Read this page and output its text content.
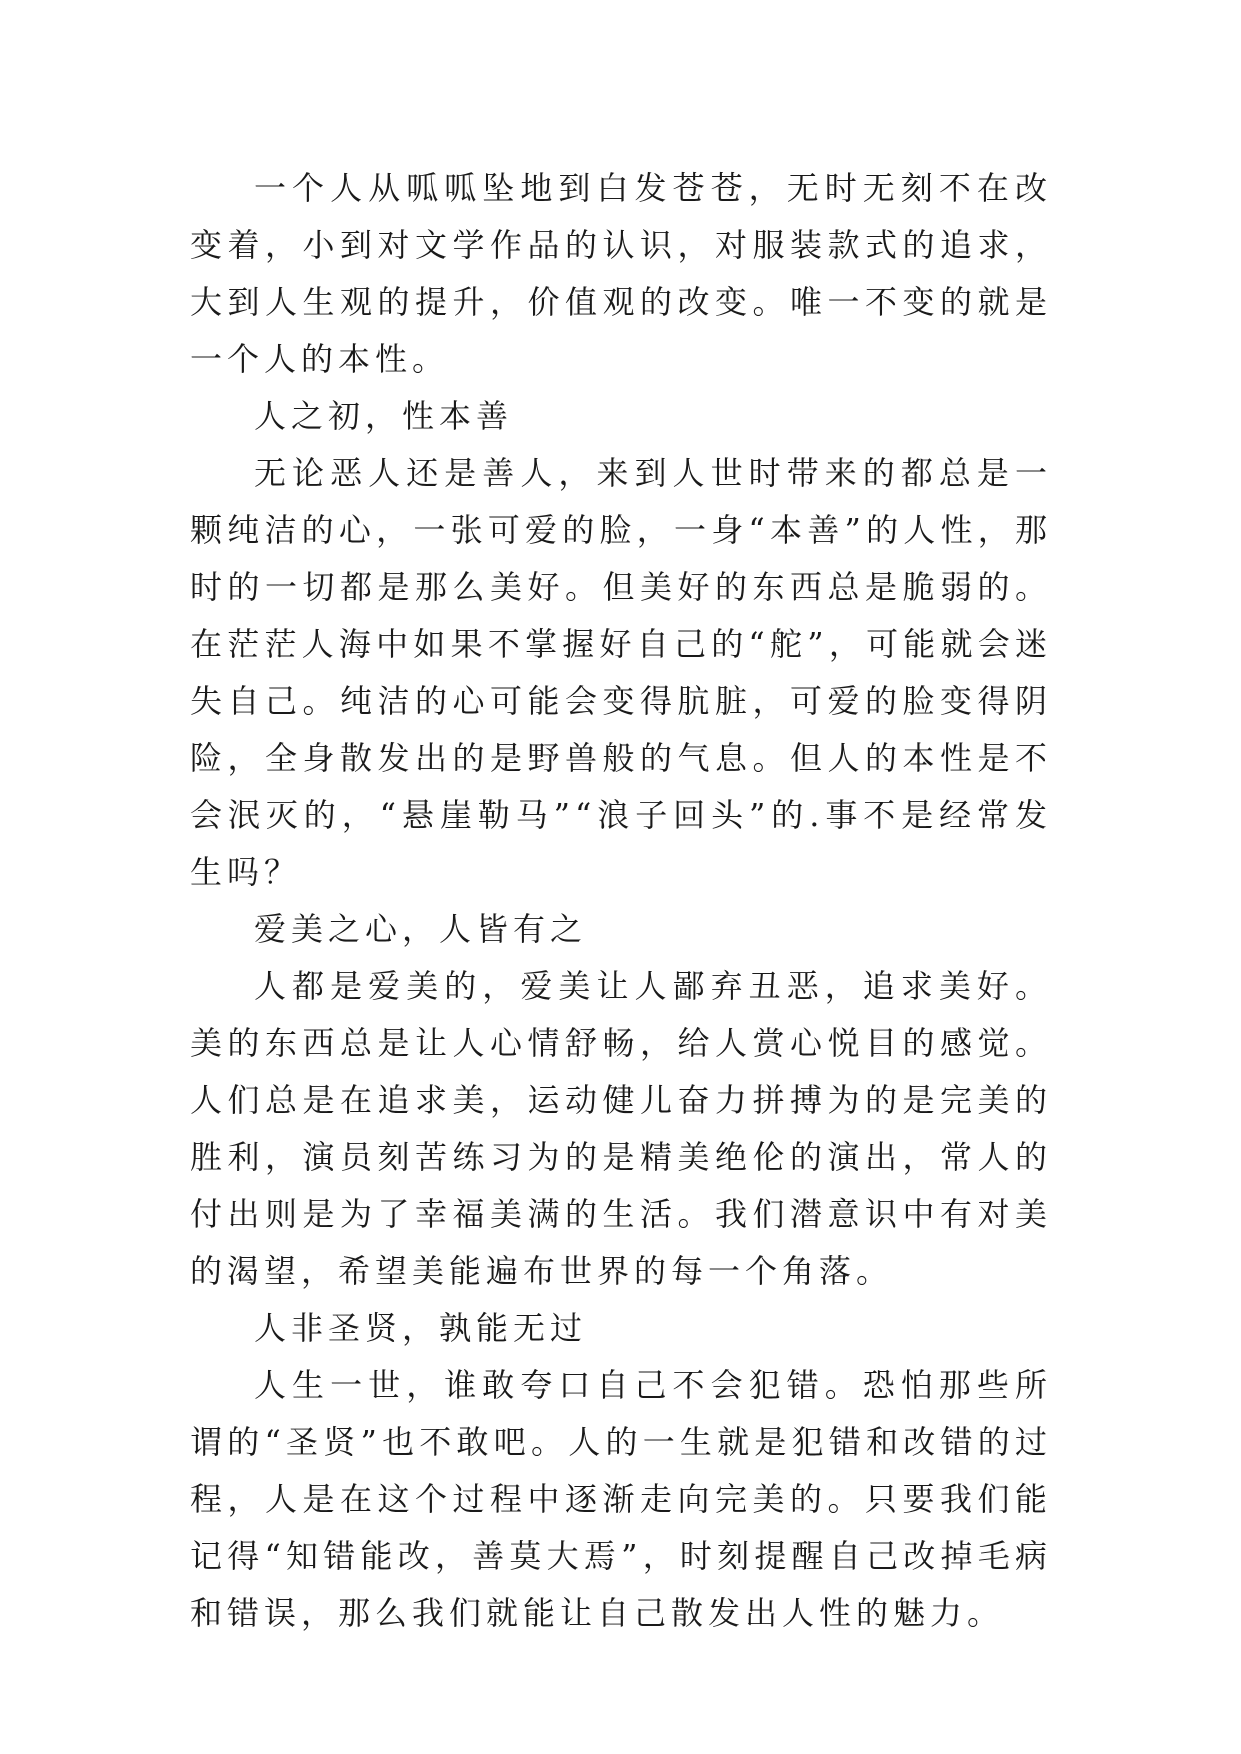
一个人从呱呱坠地到白发苍苍，无时无刻不在改变着，小到对文学作品的认识，对服装款式的追求，大到人生观的提升，价值观的改变。唯一不变的就是一个人的本性。

人之初，性本善

无论恶人还是善人，来到人世时带来的都总是一颗纯洁的心，一张可爱的脸，一身“本善”的人性，那时的一切都是那么美好。但美好的东西总是脆弱的。在茫茫人海中如果不掌握好自己的“舵”，可能就会迷失自己。纯洁的心可能会变得肮脏，可爱的脸变得阴险，全身散发出的是野兽般的气息。但人的本性是不会泯灭的，“悬崖勒马”“浪子回头”的.事不是经常发生吗？

爱美之心，人皆有之

人都是爱美的，爱美让人鄙弃丑恶，追求美好。美的东西总是让人心情舒畅，给人赏心悦目的感觉。人们总是在追求美，运动健儿奋力拼搏为的是完美的胜利，演员刻苦练习为的是精美绝伦的演出，常人的付出则是为了幸福美满的生活。我们潜意识中有对美的渴望，希望美能遍布世界的每一个角落。

人非圣贤，孰能无过

人生一世，谁敢夸口自己不会犯错。恐怕那些所谓的“圣贤”也不敢吧。人的一生就是犯错和改错的过程，人是在这个过程中逐渐走向完美的。只要我们能记得“知错能改，善莫大焉”，时刻提醒自己改掉毛病和错误，那么我们就能让自己散发出人性的魅力。
